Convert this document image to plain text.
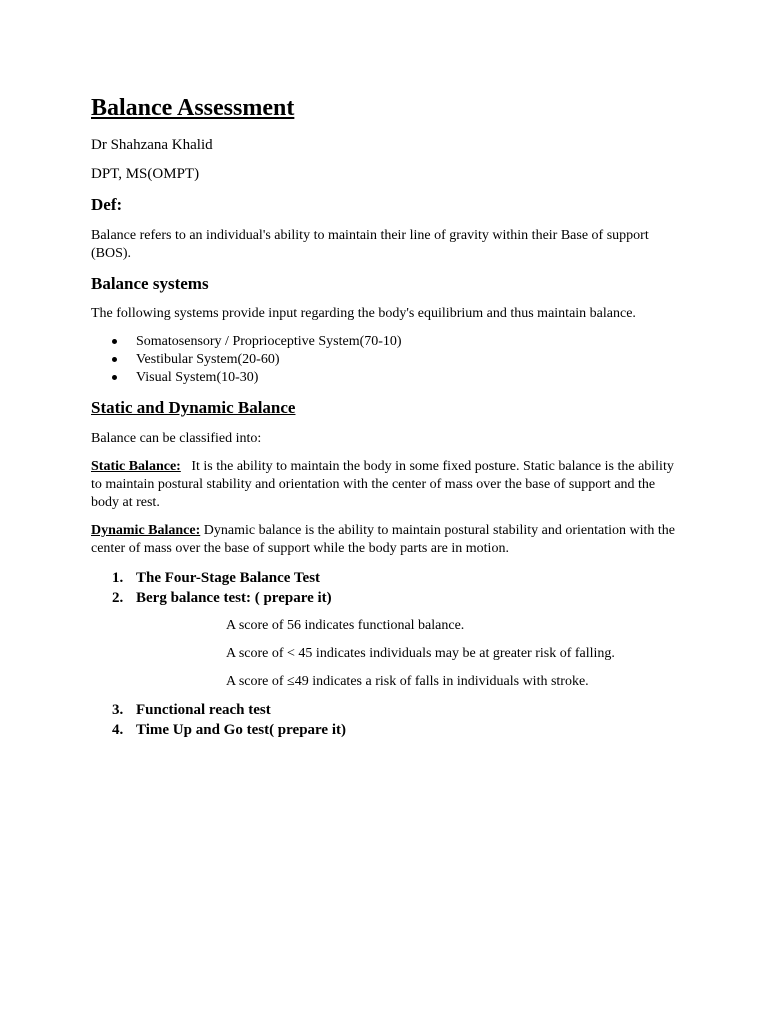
Balance Assessment

Dr Shahzana Khalid

DPT, MS(OMPT)

Def:

Balance refers to an individual's ability to maintain their line of gravity within their Base of support (BOS).

Balance systems

The following systems provide input regarding the body's equilibrium and thus maintain balance.

Somatosensory / Proprioceptive System(70-10)
Vestibular System(20-60)
Visual System(10-30)
Static and Dynamic Balance

Balance can be classified into:

Static Balance: It is the ability to maintain the body in some fixed posture. Static balance is the ability to maintain postural stability and orientation with the center of mass over the base of support and the body at rest.

Dynamic Balance: Dynamic balance is the ability to maintain postural stability and orientation with the center of mass over the base of support while the body parts are in motion.

1. The Four-Stage Balance Test
2. Berg balance test: ( prepare it)

A score of 56 indicates functional balance.

A score of < 45 indicates individuals may be at greater risk of falling.

A score of ≤49 indicates a risk of falls in individuals with stroke.

3. Functional reach test
4. Time Up and Go test( prepare it)
